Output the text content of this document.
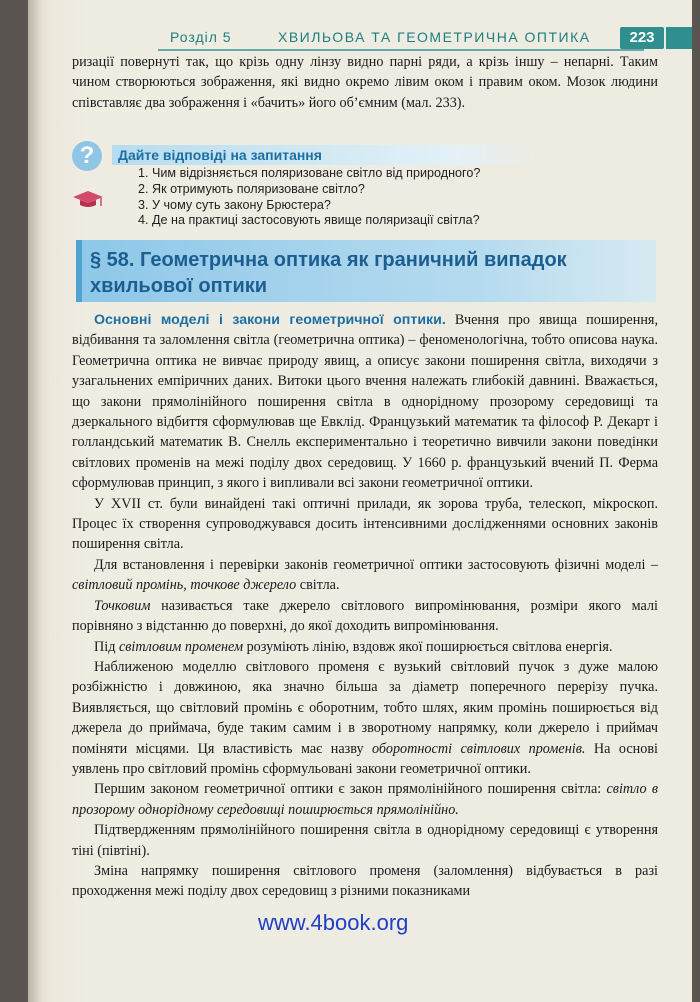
Розділ 5	ХВИЛЬОВА ТА ГЕОМЕТРИЧНА ОПТИКА	223

ризації повернуті так, що крізь одну лінзу видно парні ряди, а крізь іншу – непарні. Таким чином створюються зображення, які видно окремо лівим оком і правим оком. Мозок людини співставляє два зображення і «бачить» його об’ємним (мал. 233).

?	Дайте відповіді на запитання
1. Чим відрізняється поляризоване світло від природного?
2. Як отримують поляризоване світло?
3. У чому суть закону Брюстера?
4. Де на практиці застосовують явище поляризації світла?
§ 58. Геометрична оптика як граничний випадок хвильової оптики

Основні моделі і закони геометричної оптики. Вчення про явища поширення, відбивання та заломлення світла (геометрична оптика) – феноменологічна, тобто описова наука. Геометрична оптика не вивчає природу явищ, а описує закони поширення світла, виходячи з узагальнених емпіричних даних. Витоки цього вчення належать глибокій давнині. Вважається, що закони прямолінійного поширення світла в однорідному прозорому середовищі та дзеркального відбиття сформулював ще Евклід. Французький математик та філософ Р. Декарт і голландський математик В. Снелль експериментально і теоретично вивчили закони поведінки світлових променів на межі поділу двох середовищ. У 1660 р. французький вчений П. Ферма сформулював принцип, з якого і випливали всі закони геометричної оптики.

У XVII ст. були винайдені такі оптичні прилади, як зорова труба, телескоп, мікроскоп. Процес їх створення супроводжувався досить інтенсивними дослідженнями основних законів поширення світла.

Для встановлення і перевірки законів геометричної оптики застосовують фізичні моделі – світловий промінь, точкове джерело світла.

Точковим називається таке джерело світлового випромінювання, розміри якого малі порівняно з відстанню до поверхні, до якої доходить випромінювання.

Під світловим променем розуміють лінію, вздовж якої поширюється світлова енергія.

Наближеною моделлю світлового променя є вузький світловий пучок з дуже малою розбіжністю і довжиною, яка значно більша за діаметр поперечного перерізу пучка. Виявляється, що світловий промінь є оборотним, тобто шлях, яким промінь поширюється від джерела до приймача, буде таким самим і в зворотному напрямку, коли джерело і приймач поміняти місцями. Ця властивість має назву оборотності світлових променів. На основі уявлень про світловий промінь сформульовані закони геометричної оптики.

Першим законом геометричної оптики є закон прямолінійного поширення світла: світло в прозорому однорідному середовищі поширюється прямолінійно.

Підтвердженням прямолінійного поширення світла в однорідному середовищі є утворення тіні (півтіні).

Зміна напрямку поширення світлового променя (заломлення) відбувається в разі проходження межі поділу двох середовищ з різними показниками

www.4book.org
